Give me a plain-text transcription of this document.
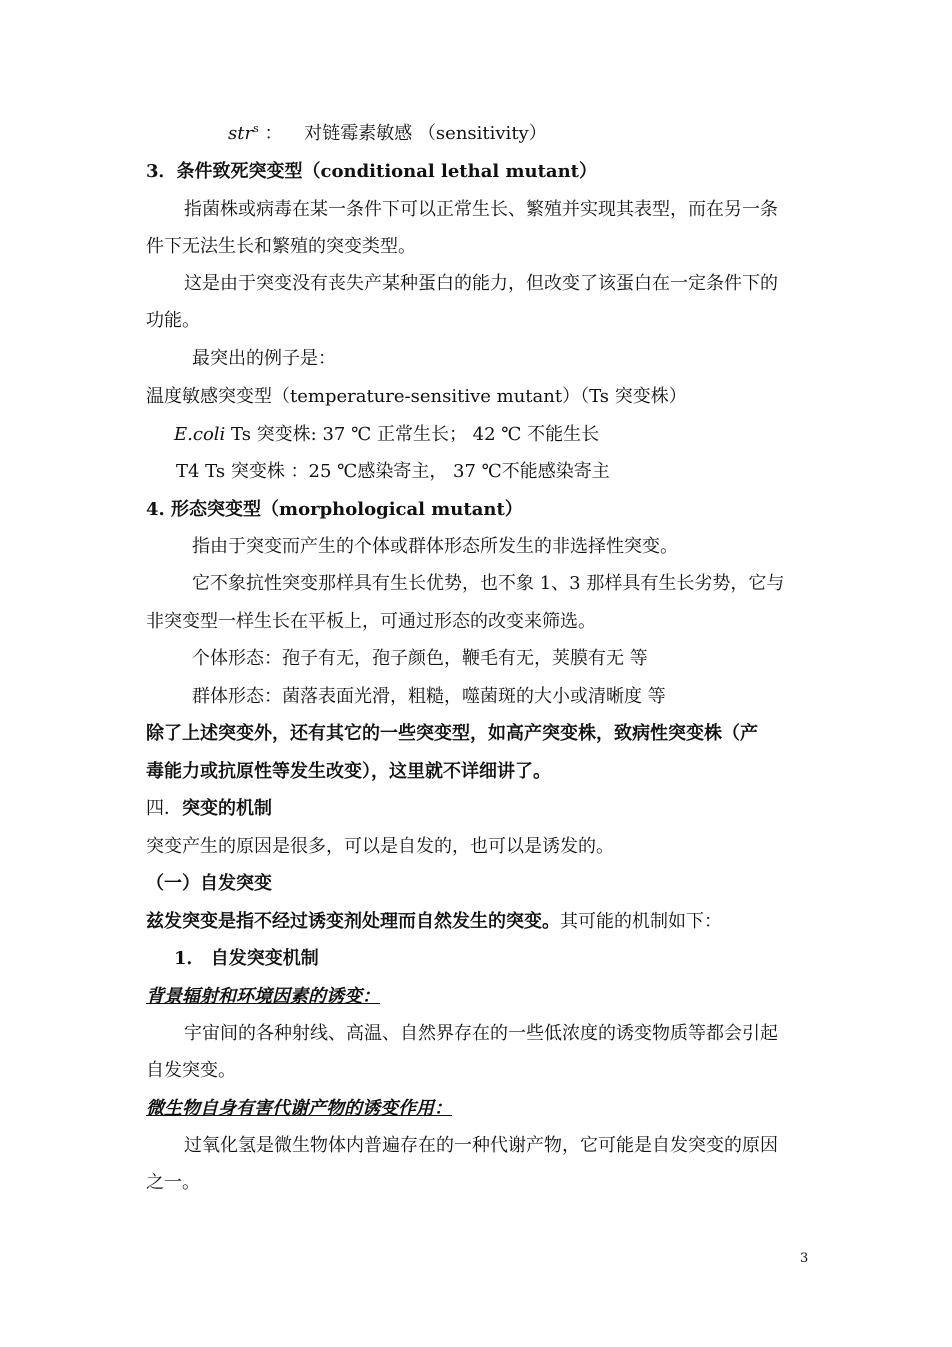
str$^s$ ： 对链霉素敏感 （sensitivity）
3．条件致死突变型（conditional lethal mutant）
指菌株或病毒在某一条件下可以正常生长、繁殖并实现其表型，而在另一条
件下无法生长和繁殖的突变类型。
这是由于突变没有丧失产某种蛋白的能力，但改变了该蛋白在一定条件下的
功能。
最突出的例子是：
温度敏感突变型（temperature-sensitive mutant）（Ts 突变株）
E.coli Ts 突变株: 37 ℃ 正常生长； 42 ℃ 不能生长
T4 Ts 突变株 ：25 ℃感染寄主， 37 ℃不能感染寄主
4. 形态突变型（morphological mutant）
指由于突变而产生的个体或群体形态所发生的非选择性突变。
它不象抗性突变那样具有生长优势，也不象 1、3 那样具有生长劣势，它与
非突变型一样生长在平板上，可通过形态的改变来筛选。
个体形态：孢子有无，孢子颜色，鞭毛有无，荚膜有无 等
群体形态：菌落表面光滑，粗糙，噬菌斑的大小或清晰度 等
除了上述突变外，还有其它的一些突变型，如高产突变株，致病性突变株（产
毒能力或抗原性等发生改变），这里就不详细讲了。
四．突变的机制
突变产生的原因是很多，可以是自发的，也可以是诱发的。
（一）自发突变
兹发突变是指不经过诱变剂处理而自然发生的突变。其可能的机制如下：
1． 自发突变机制
背景辐射和环境因素的诱变：
宇宙间的各种射线、高温、自然界存在的一些低浓度的诱变物质等都会引起
自发突变。
微生物自身有害代谢产物的诱变作用：
过氧化氢是微生物体内普遍存在的一种代谢产物，它可能是自发突变的原因
之一。
3
